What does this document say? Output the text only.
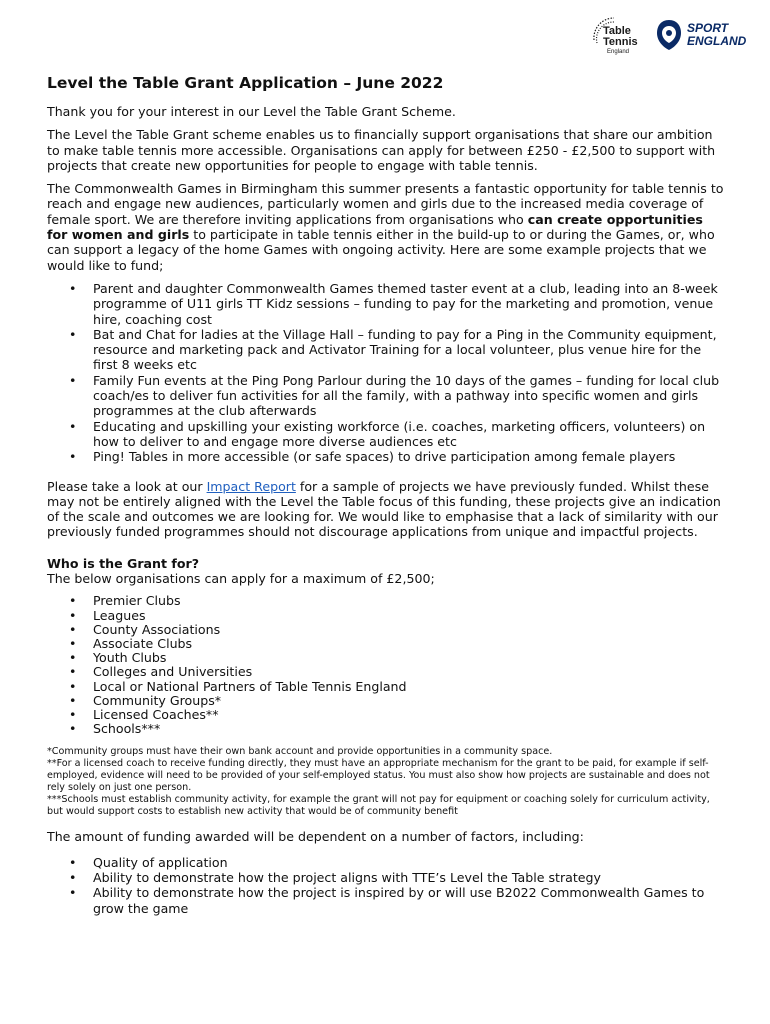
Table
Tennis
England
SPORT
ENGLAND
Level the Table Grant Application – June 2022

Thank you for your interest in our Level the Table Grant Scheme.

The Level the Table Grant scheme enables us to financially support organisations that share our ambition to make table tennis more accessible. Organisations can apply for between £250 - £2,500 to support with projects that create new opportunities for people to engage with table tennis.

The Commonwealth Games in Birmingham this summer presents a fantastic opportunity for table tennis to reach and engage new audiences, particularly women and girls due to the increased media coverage of female sport. We are therefore inviting applications from organisations who can create opportunities for women and girls to participate in table tennis either in the build-up to or during the Games, or, who can support a legacy of the home Games with ongoing activity. Here are some example projects that we would like to fund;

• Parent and daughter Commonwealth Games themed taster event at a club, leading into an 8-week programme of U11 girls TT Kidz sessions – funding to pay for the marketing and promotion, venue hire, coaching cost
• Bat and Chat for ladies at the Village Hall – funding to pay for a Ping in the Community equipment, resource and marketing pack and Activator Training for a local volunteer, plus venue hire for the first 8 weeks etc
• Family Fun events at the Ping Pong Parlour during the 10 days of the games – funding for local club coach/es to deliver fun activities for all the family, with a pathway into specific women and girls programmes at the club afterwards
• Educating and upskilling your existing workforce (i.e. coaches, marketing officers, volunteers) on how to deliver to and engage more diverse audiences etc
• Ping! Tables in more accessible (or safe spaces) to drive participation among female players

Please take a look at our Impact Report for a sample of projects we have previously funded. Whilst these may not be entirely aligned with the Level the Table focus of this funding, these projects give an indication of the scale and outcomes we are looking for. We would like to emphasise that a lack of similarity with our previously funded programmes should not discourage applications from unique and impactful projects.

Who is the Grant for?

The below organisations can apply for a maximum of £2,500;

• Premier Clubs
• Leagues
• County Associations
• Associate Clubs
• Youth Clubs
• Colleges and Universities
• Local or National Partners of Table Tennis England
• Community Groups*
• Licensed Coaches**
• Schools***
*Community groups must have their own bank account and provide opportunities in a community space.
**For a licensed coach to receive funding directly, they must have an appropriate mechanism for the grant to be paid, for example if self-employed, evidence will need to be provided of your self-employed status. You must also show how projects are sustainable and does not rely solely on just one person.
***Schools must establish community activity, for example the grant will not pay for equipment or coaching solely for curriculum activity, but would support costs to establish new activity that would be of community benefit

The amount of funding awarded will be dependent on a number of factors, including:

• Quality of application
• Ability to demonstrate how the project aligns with TTE’s Level the Table strategy
• Ability to demonstrate how the project is inspired by or will use B2022 Commonwealth Games to grow the game
